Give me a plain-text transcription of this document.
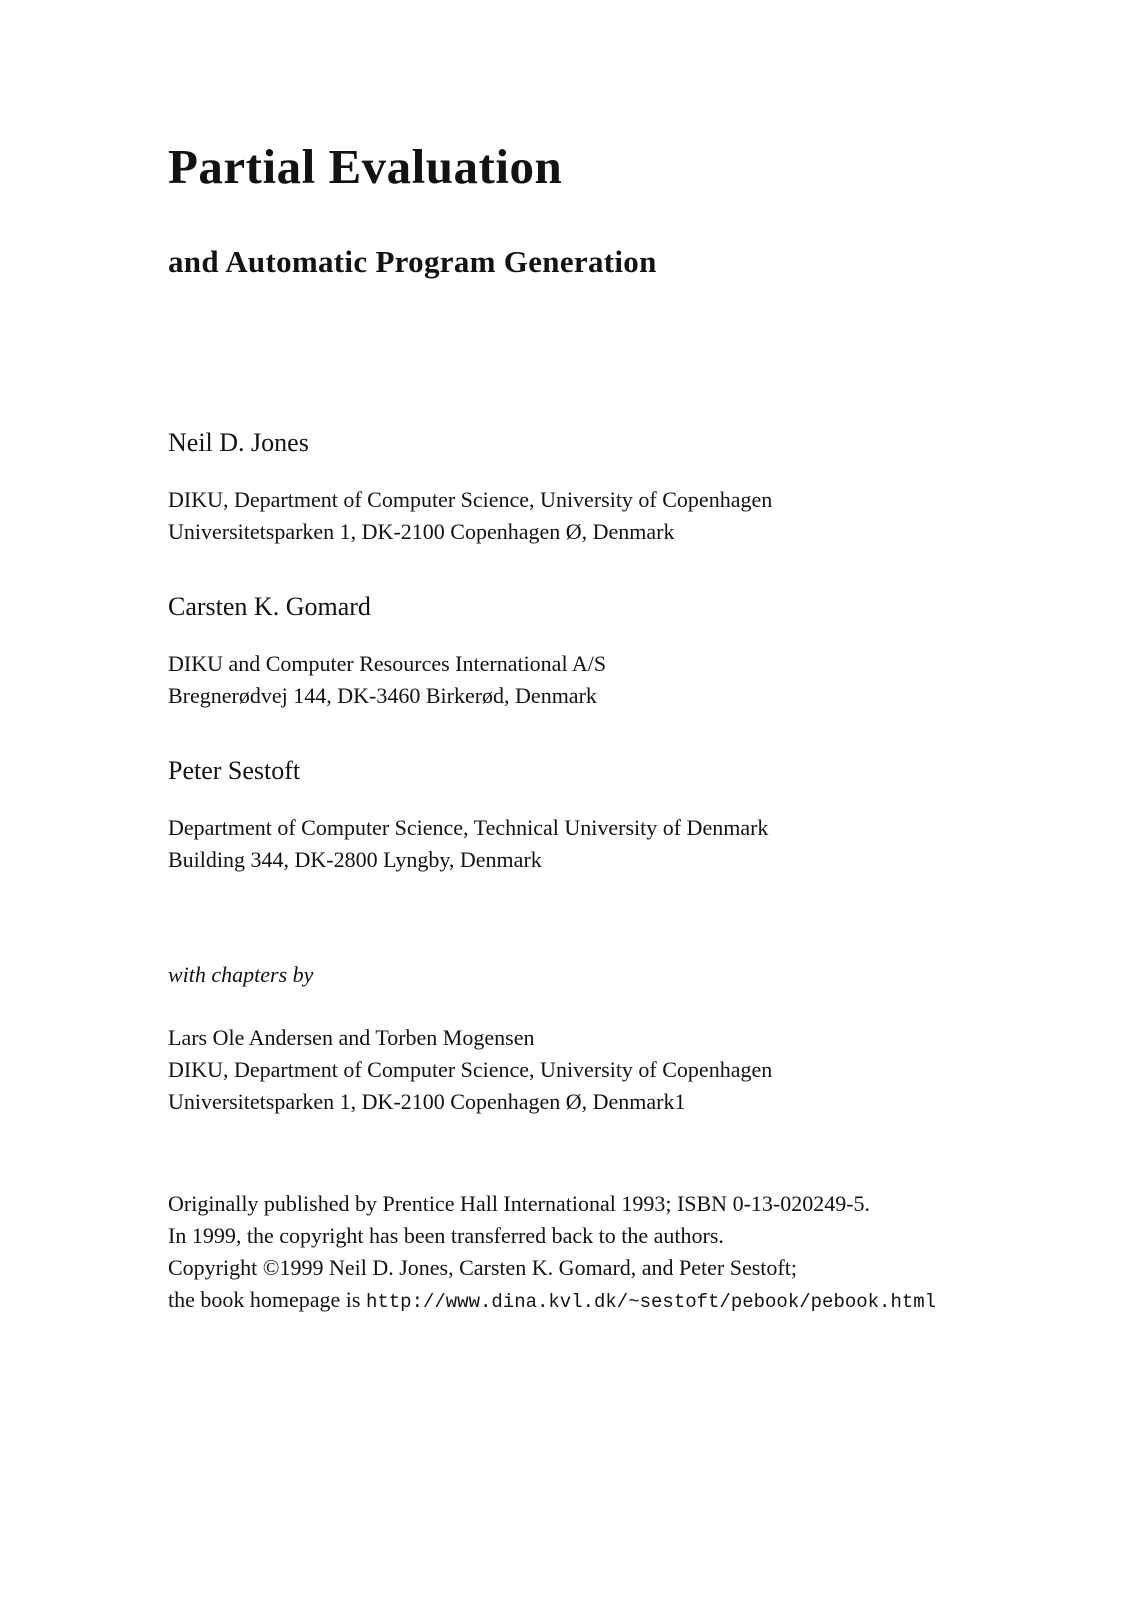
Partial Evaluation
and Automatic Program Generation
Neil D. Jones
DIKU, Department of Computer Science, University of Copenhagen
Universitetsparken 1, DK-2100 Copenhagen Ø, Denmark
Carsten K. Gomard
DIKU and Computer Resources International A/S
Bregnerødvej 144, DK-3460 Birkerød, Denmark
Peter Sestoft
Department of Computer Science, Technical University of Denmark
Building 344, DK-2800 Lyngby, Denmark
with chapters by
Lars Ole Andersen and Torben Mogensen
DIKU, Department of Computer Science, University of Copenhagen
Universitetsparken 1, DK-2100 Copenhagen Ø, Denmark1
Originally published by Prentice Hall International 1993; ISBN 0-13-020249-5.
In 1999, the copyright has been transferred back to the authors.
Copyright ©1999 Neil D. Jones, Carsten K. Gomard, and Peter Sestoft;
the book homepage is http://www.dina.kvl.dk/~sestoft/pebook/pebook.html
